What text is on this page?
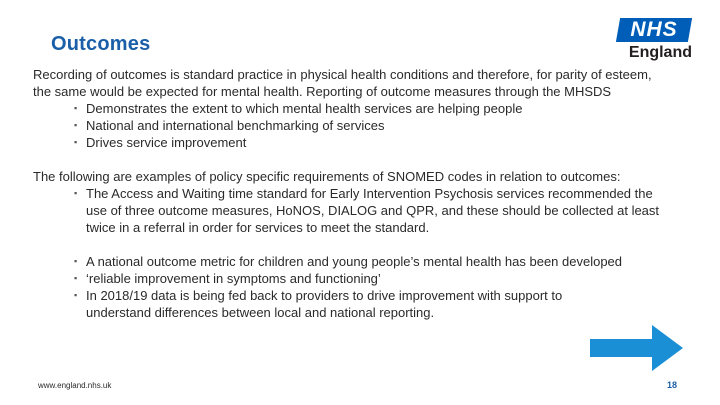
Outcomes
NHS
England

Recording of outcomes is standard practice in physical health conditions and therefore, for parity of esteem, the same would be expected for mental health. Reporting of outcome measures through the MHSDS

▪ Demonstrates the extent to which mental health services are helping people
▪ National and international benchmarking of services
▪ Drives service improvement

The following are examples of policy specific requirements of SNOMED codes in relation to outcomes:

▪ The Access and Waiting time standard for Early Intervention Psychosis services recommended the use of three outcome measures, HoNOS, DIALOG and QPR, and these should be collected at least twice in a referral in order for services to meet the standard.
▪ A national outcome metric for children and young people’s mental health has been developed
▪ ‘reliable improvement in symptoms and functioning’
▪ In 2018/19 data is being fed back to providers to drive improvement with support to understand differences between local and national reporting.
www.england.nhs.uk	18
